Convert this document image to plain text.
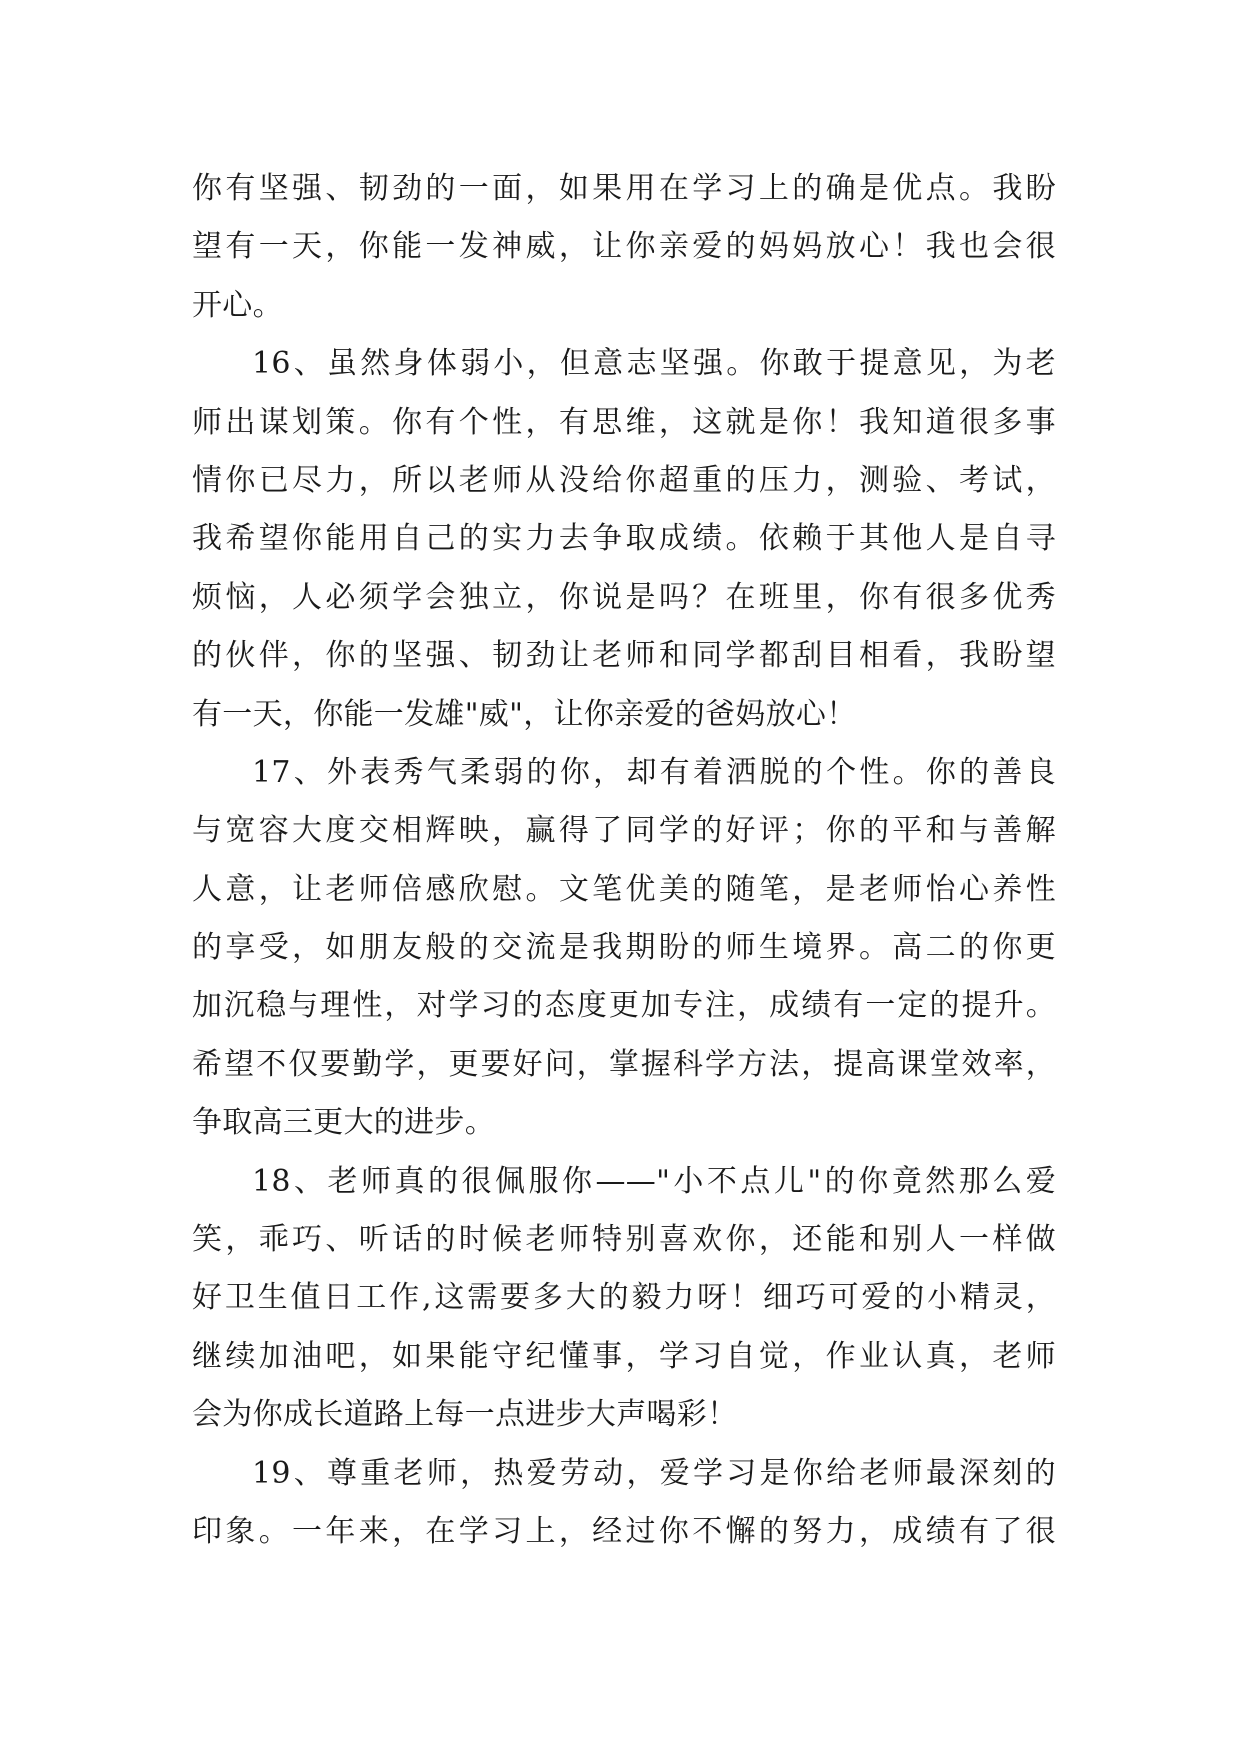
你有坚强、韧劲的一面，如果用在学习上的确是优点。我盼
望有一天，你能一发神威，让你亲爱的妈妈放心！我也会很
开心。
16、虽然身体弱小，但意志坚强。你敢于提意见，为老
师出谋划策。你有个性，有思维，这就是你！我知道很多事
情你已尽力，所以老师从没给你超重的压力，测验、考试，
我希望你能用自己的实力去争取成绩。依赖于其他人是自寻
烦恼，人必须学会独立，你说是吗？在班里，你有很多优秀
的伙伴，你的坚强、韧劲让老师和同学都刮目相看，我盼望
有一天，你能一发雄"威"，让你亲爱的爸妈放心！
17、外表秀气柔弱的你，却有着洒脱的个性。你的善良
与宽容大度交相辉映，赢得了同学的好评；你的平和与善解
人意，让老师倍感欣慰。文笔优美的随笔，是老师怡心养性
的享受，如朋友般的交流是我期盼的师生境界。高二的你更
加沉稳与理性，对学习的态度更加专注，成绩有一定的提升。
希望不仅要勤学，更要好问，掌握科学方法，提高课堂效率，
争取高三更大的进步。
18、老师真的很佩服你——"小不点儿"的你竟然那么爱
笑，乖巧、听话的时候老师特别喜欢你，还能和别人一样做
好卫生值日工作,这需要多大的毅力呀！细巧可爱的小精灵，
继续加油吧，如果能守纪懂事，学习自觉，作业认真，老师
会为你成长道路上每一点进步大声喝彩！
19、尊重老师，热爱劳动，爱学习是你给老师最深刻的
印象。一年来，在学习上，经过你不懈的努力，成绩有了很
